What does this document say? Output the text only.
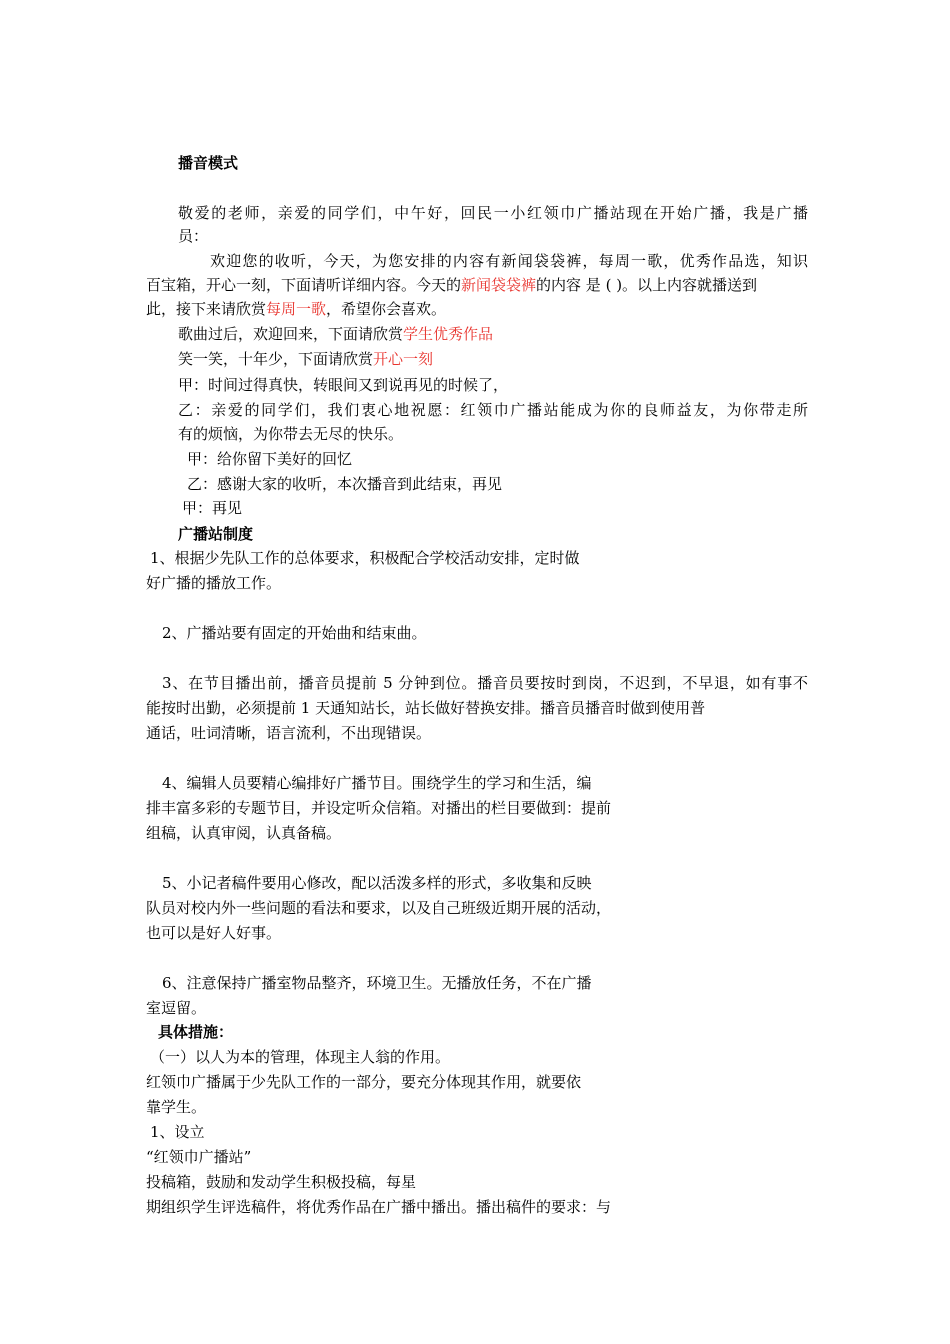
播音模式
敬爱的老师，亲爱的同学们，中午好，回民一小红领巾广播站现在开始广播，我是广播
员：
欢迎您的收听，今天，为您安排的内容有新闻袋袋裤，每周一歌，优秀作品选，知识
百宝箱，开心一刻，下面请听详细内容。今天的新闻袋袋裤的内容 是 ( )。以上内容就播送到
此，接下来请欣赏每周一歌，希望你会喜欢。
歌曲过后，欢迎回来，下面请欣赏学生优秀作品
笑一笑，十年少，下面请欣赏开心一刻
甲：时间过得真快，转眼间又到说再见的时候了，
乙：亲爱的同学们，我们衷心地祝愿：红领巾广播站能成为你的良师益友，为你带走所
有的烦恼，为你带去无尽的快乐。
甲：给你留下美好的回忆
乙：感谢大家的收听，本次播音到此结束，再见
甲：再见
广播站制度
1、根据少先队工作的总体要求，积极配合学校活动安排，定时做
好广播的播放工作。
2、广播站要有固定的开始曲和结束曲。
3、在节目播出前，播音员提前 5 分钟到位。播音员要按时到岗，不迟到，不早退，如有事不
能按时出勤，必须提前 1 天通知站长，站长做好替换安排。播音员播音时做到使用普
通话，吐词清晰，语言流利，不出现错误。
4、编辑人员要精心编排好广播节目。围绕学生的学习和生活，编
排丰富多彩的专题节目，并设定听众信箱。对播出的栏目要做到：提前
组稿，认真审阅，认真备稿。
5、小记者稿件要用心修改，配以活泼多样的形式，多收集和反映
队员对校内外一些问题的看法和要求，以及自己班级近期开展的活动，
也可以是好人好事。
6、注意保持广播室物品整齐，环境卫生。无播放任务，不在广播
室逗留。
具体措施：
（一）以人为本的管理，体现主人翁的作用。
红领巾广播属于少先队工作的一部分，要充分体现其作用，就要依
靠学生。
1、设立
“红领巾广播站”
投稿箱，鼓励和发动学生积极投稿，每星
期组织学生评选稿件，将优秀作品在广播中播出。播出稿件的要求：与
